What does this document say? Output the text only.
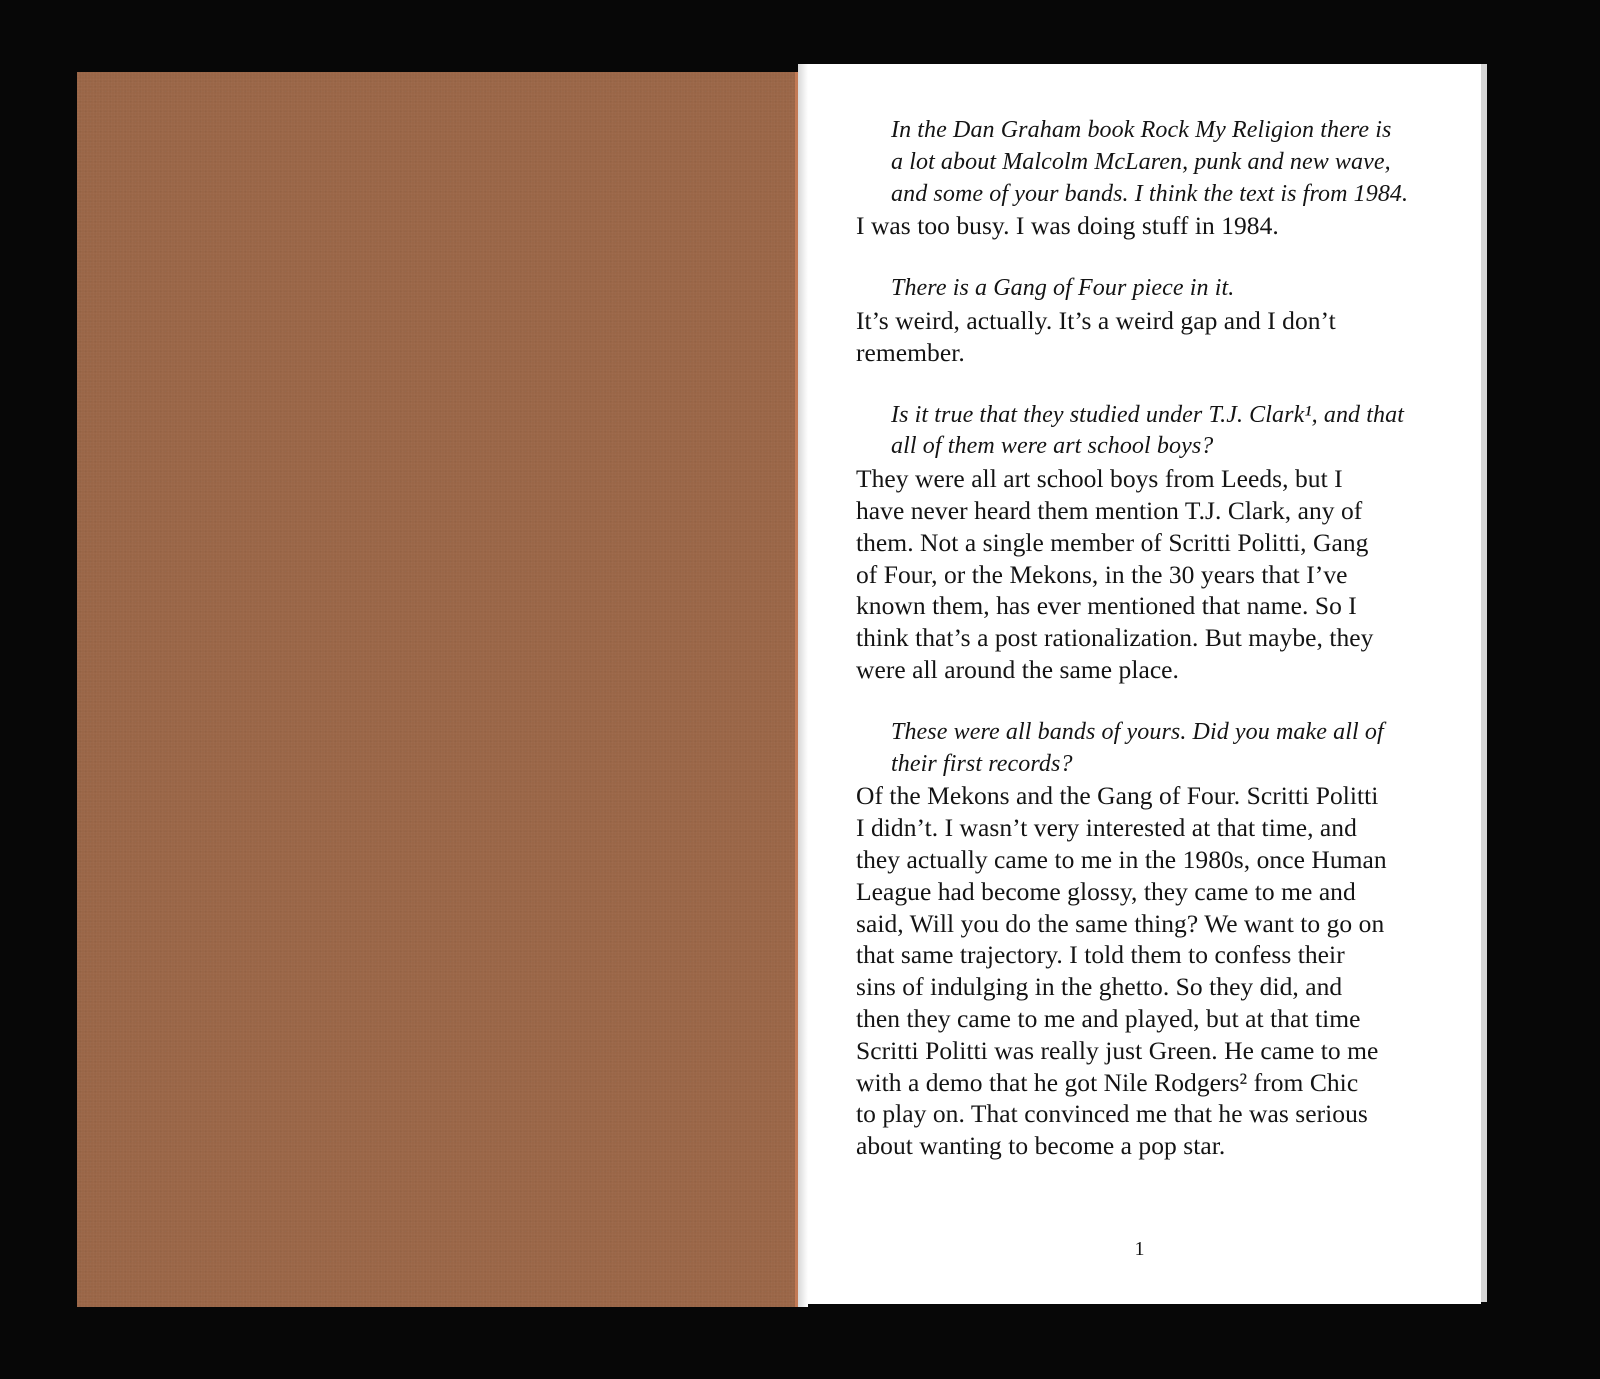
In the Dan Graham book Rock My Religion there is
a lot about Malcolm McLaren, punk and new wave,
and some of your bands. I think the text is from 1984.
I was too busy. I was doing stuff in 1984.
There is a Gang of Four piece in it.
It’s weird, actually. It’s a weird gap and I don’t
remember.
Is it true that they studied under T.J. Clark¹, and that
all of them were art school boys?
They were all art school boys from Leeds, but I
have never heard them mention T.J. Clark, any of
them. Not a single member of Scritti Politti, Gang
of Four, or the Mekons, in the 30 years that I’ve
known them, has ever mentioned that name. So I
think that’s a post rationalization. But maybe, they
were all around the same place.
These were all bands of yours. Did you make all of
their first records?
Of the Mekons and the Gang of Four. Scritti Politti
I didn’t. I wasn’t very interested at that time, and
they actually came to me in the 1980s, once Human
League had become glossy, they came to me and
said, Will you do the same thing? We want to go on
that same trajectory. I told them to confess their
sins of indulging in the ghetto. So they did, and
then they came to me and played, but at that time
Scritti Politti was really just Green. He came to me
with a demo that he got Nile Rodgers² from Chic
to play on. That convinced me that he was serious
about wanting to become a pop star.
1
